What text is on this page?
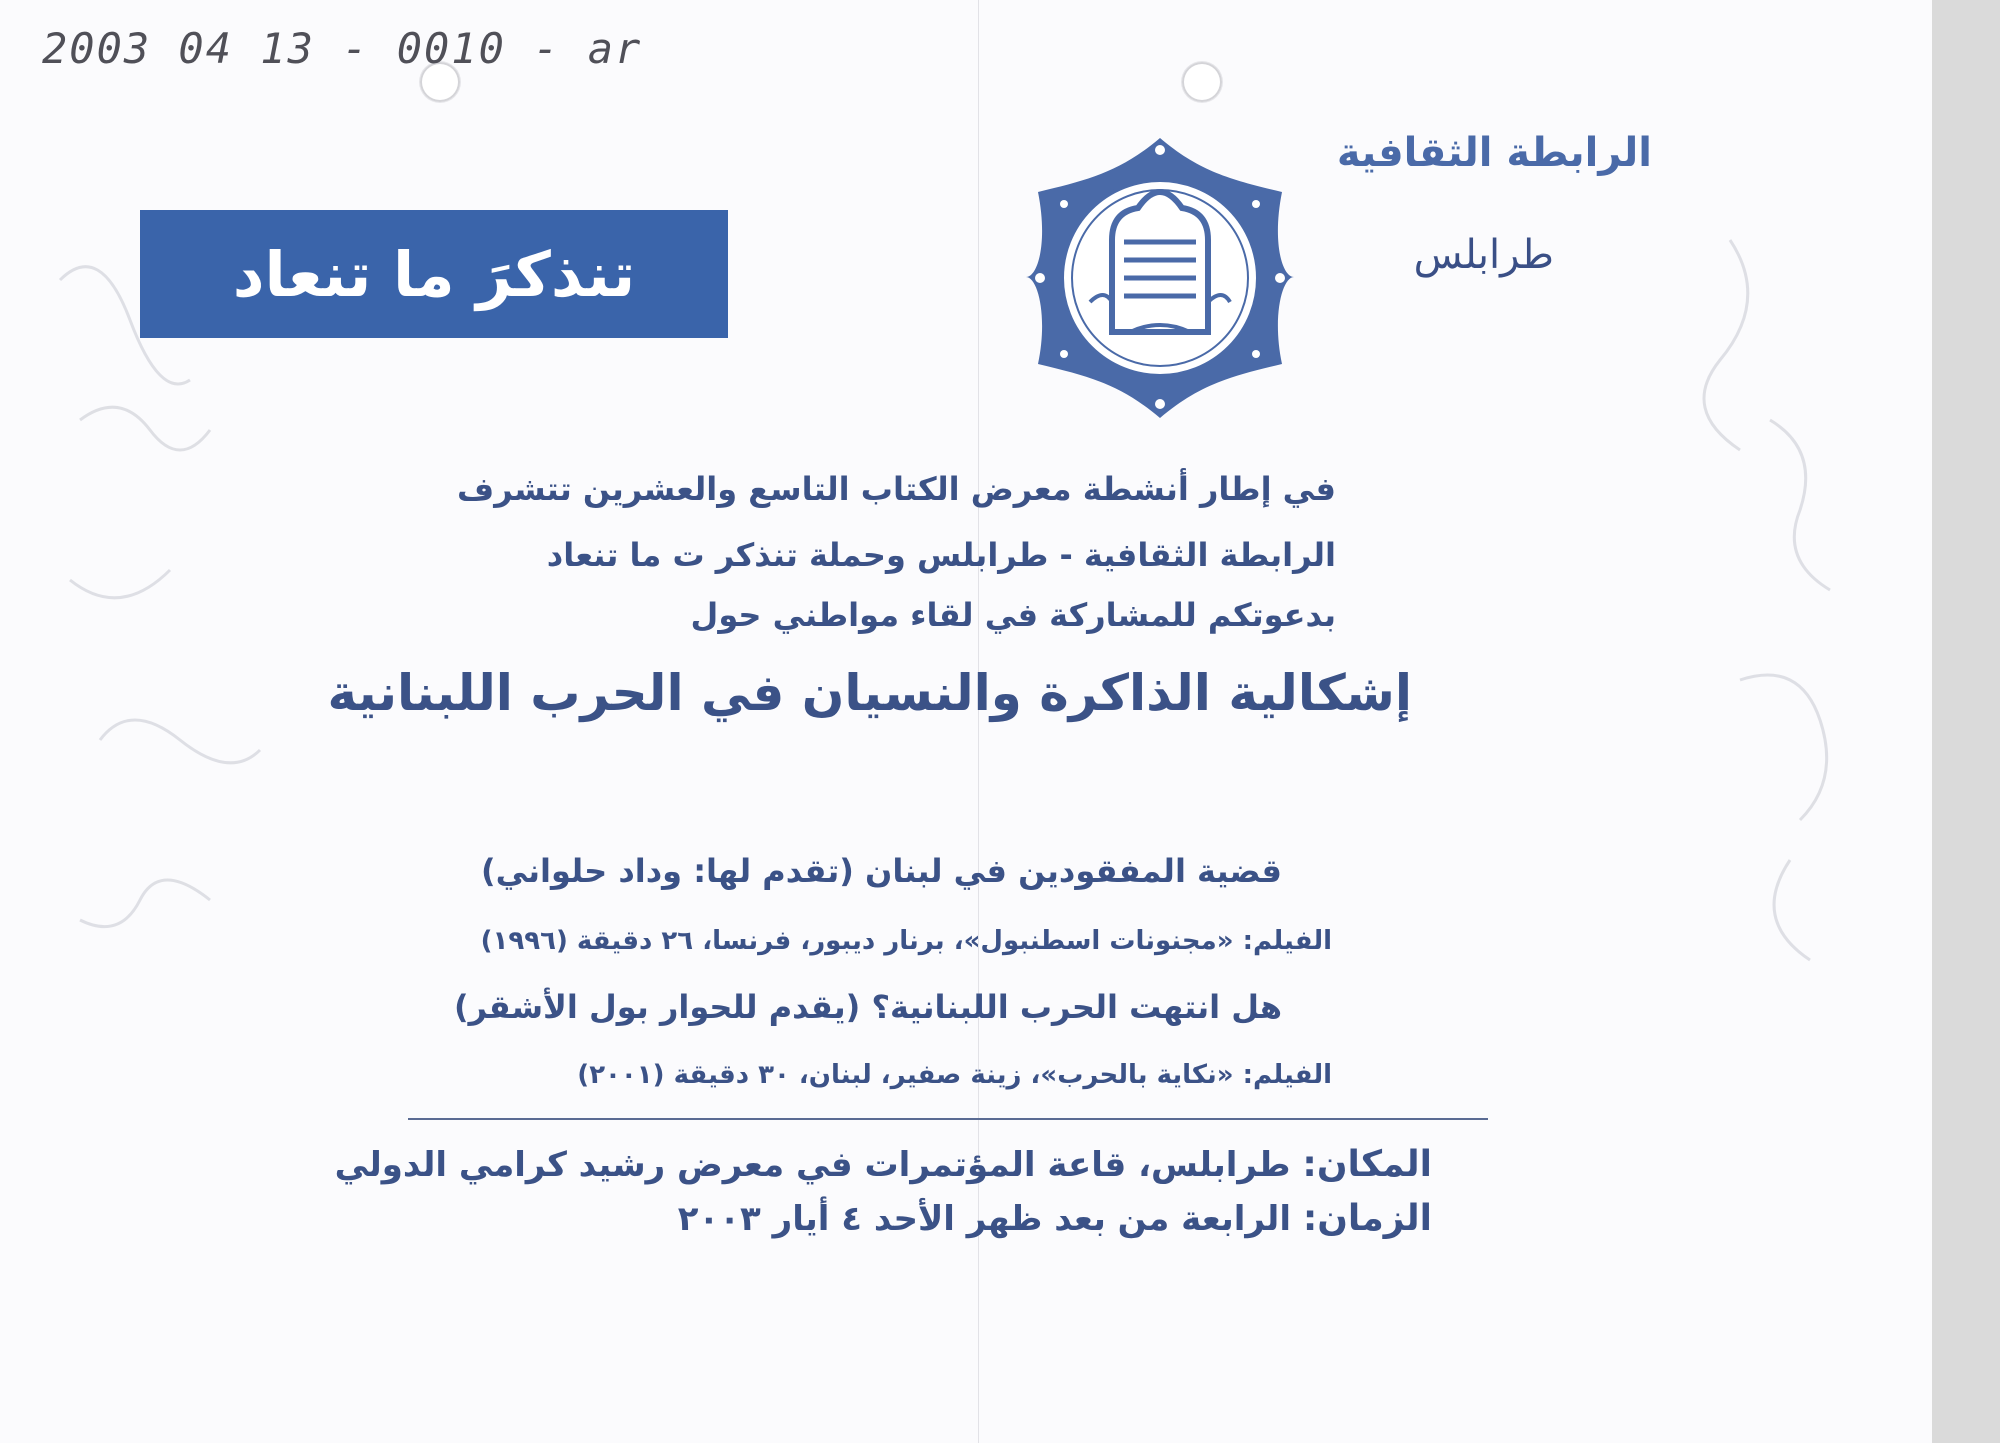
2003 04 13 - 0010 - ar
الرابطة الثقافية
طرابلس
تنذكرَ ما تنعاد
في إطار أنشطة معرض الكتاب التاسع والعشرين تتشرف
الرابطة الثقافية - طرابلس وحملة تنذكر ت ما تنعاد
بدعوتكم للمشاركة في لقاء مواطني حول
إشكالية الذاكرة والنسيان في الحرب اللبنانية
قضية المفقودين في لبنان (تقدم لها: وداد حلواني)
الفيلم: «مجنونات اسطنبول»، برنار ديبور، فرنسا، ٢٦ دقيقة (١٩٩٦)
هل انتهت الحرب اللبنانية؟ (يقدم للحوار بول الأشقر)
الفيلم: «نكاية بالحرب»، زينة صفير، لبنان، ٣٠ دقيقة (٢٠٠١)
المكان: طرابلس، قاعة المؤتمرات في معرض رشيد كرامي الدولي
الزمان: الرابعة من بعد ظهر الأحد ٤ أيار ٢٠٠٣
